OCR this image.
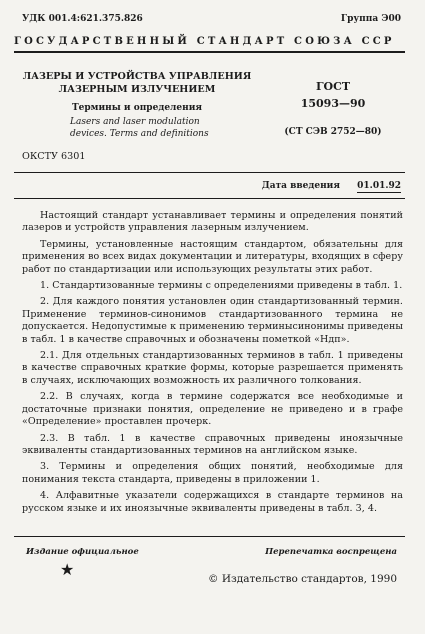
УДК 001.4:621.375.826	Группа Э00
ГОСУДАРСТВЕННЫЙ СТАНДАРТ СОЮЗА ССР
ЛАЗЕРЫ И УСТРОЙСТВА УПРАВЛЕНИЯ
ЛАЗЕРНЫМ ИЗЛУЧЕНИЕМ
Термины и определения
Lasers and laser modulation
devices. Terms and definitions
ГОСТ
15093—90
(СТ СЭВ 2752—80)
ОКСТУ 6301
Дата введения 01.01.92

Настоящий стандарт устанавливает термины и определения понятий лазеров и устройств управления лазерным излучением.

Термины, установленные настоящим стандартом, обязательны для применения во всех видах документации и литературы, входящих в сферу работ по стандартизации или использующих результаты этих работ.

1. Стандартизованные термины с определениями приведены в табл. 1.

2. Для каждого понятия установлен один стандартизованный термин. Применение терминов-синонимов стандартизованного термина не допускается. Недопустимые к применению терминысинонимы приведены в табл. 1 в качестве справочных и обозначены пометкой «Ндп».

2.1. Для отдельных стандартизованных терминов в табл. 1 приведены в качестве справочных краткие формы, которые разрешается применять в случаях, исключающих возможность их различного толкования.

2.2. В случаях, когда в термине содержатся все необходимые и достаточные признаки понятия, определение не приведено и в графе «Определение» проставлен прочерк.

2.3. В табл. 1 в качестве справочных приведены иноязычные эквиваленты стандартизованных терминов на английском языке.

3. Термины и определения общих понятий, необходимые для понимания текста стандарта, приведены в приложении 1.

4. Алфавитные указатели содержащихся в стандарте терминов на русском языке и их иноязычные эквиваленты приведены в табл. 3, 4.

Издание официальное	Перепечатка воспрещена
★	© Издательство стандартов, 1990
